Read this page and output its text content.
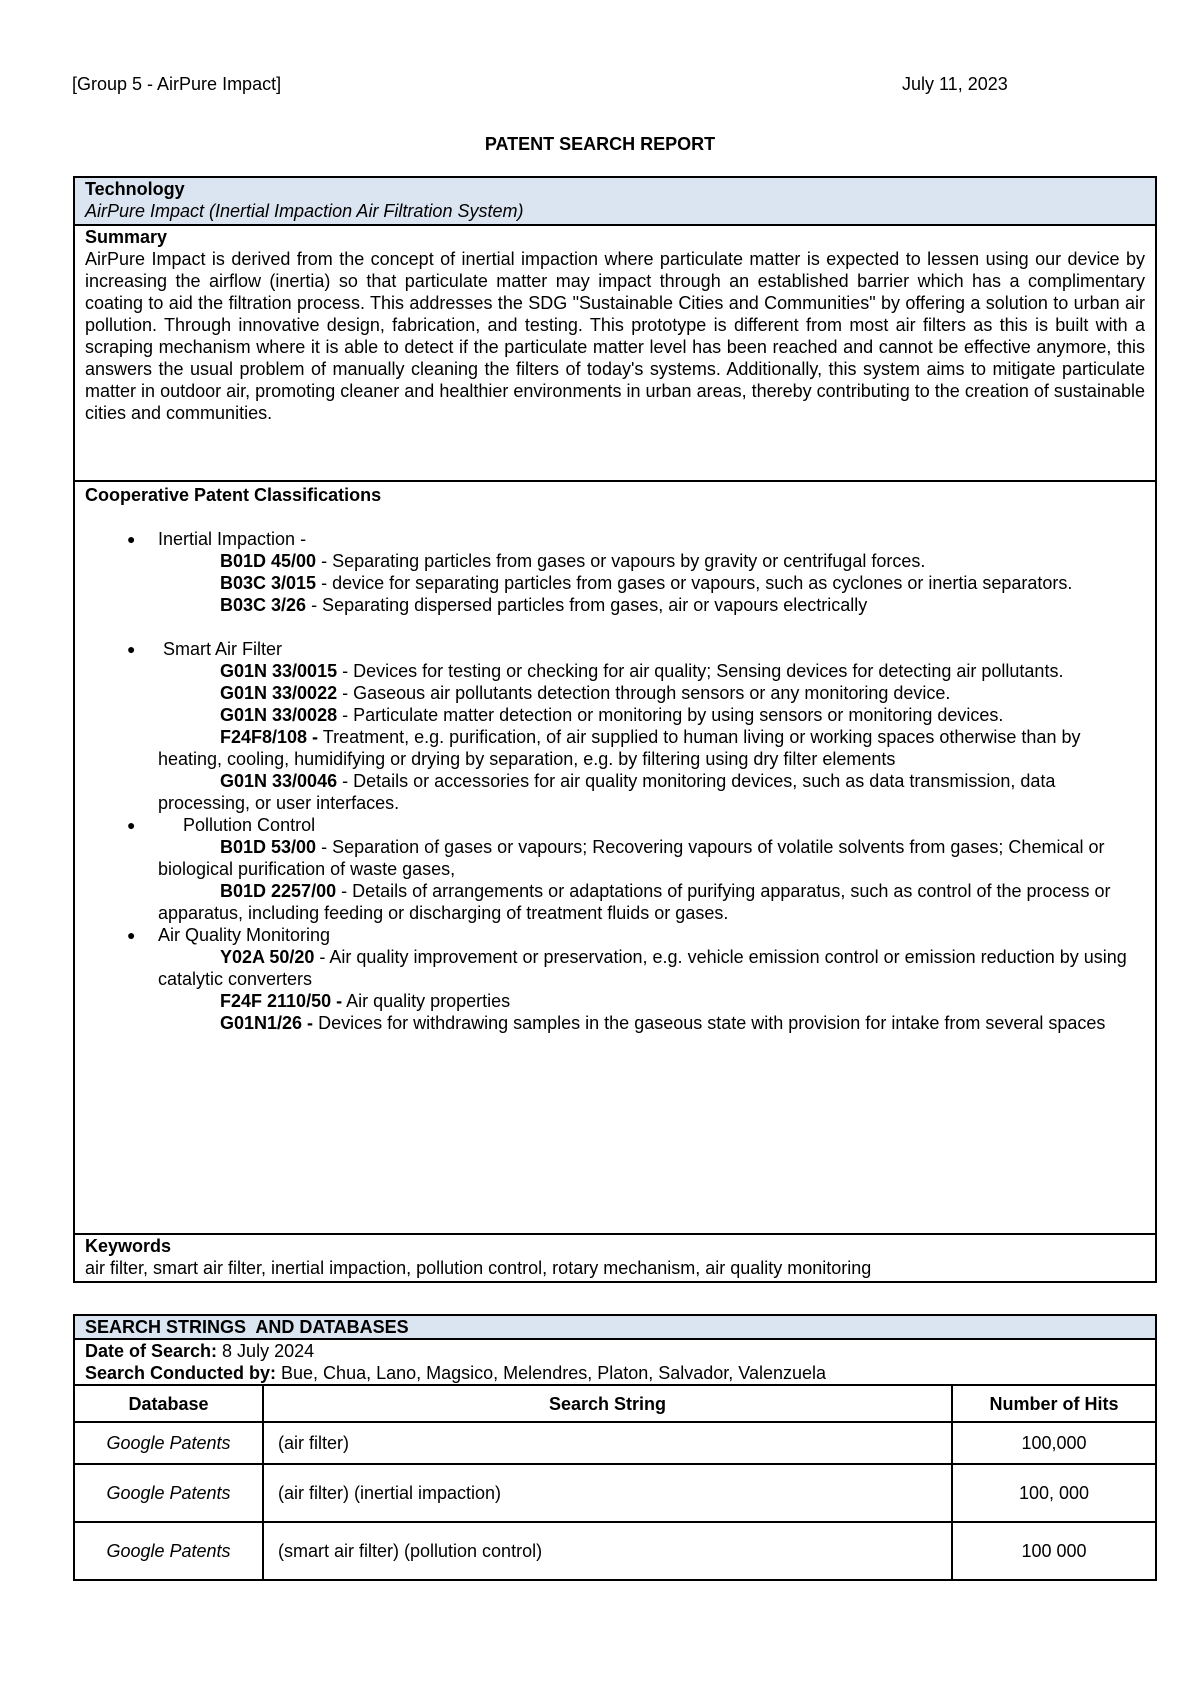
[Group 5 - AirPure Impact]	July 11, 2023
PATENT SEARCH REPORT
Technology
AirPure Impact (Inertial Impaction Air Filtration System)

Summary
AirPure Impact is derived from the concept of inertial impaction where particulate matter is expected to lessen using our device by increasing the airflow (inertia) so that particulate matter may impact through an established barrier which has a complimentary coating to aid the filtration process. This addresses the SDG "Sustainable Cities and Communities" by offering a solution to urban air pollution. Through innovative design, fabrication, and testing. This prototype is different from most air filters as this is built with a scraping mechanism where it is able to detect if the particulate matter level has been reached and cannot be effective anymore, this answers the usual problem of manually cleaning the filters of today's systems. Additionally, this system aims to mitigate particulate matter in outdoor air, promoting cleaner and healthier environments in urban areas, thereby contributing to the creation of sustainable cities and communities.

Cooperative Patent Classifications
● Inertial Impaction -
B01D 45/00 - Separating particles from gases or vapours by gravity or centrifugal forces.
B03C 3/015 - device for separating particles from gases or vapours, such as cyclones or inertia separators.
B03C 3/26 - Separating dispersed particles from gases, air or vapours electrically
● Smart Air Filter
G01N 33/0015 - Devices for testing or checking for air quality; Sensing devices for detecting air pollutants.
G01N 33/0022 - Gaseous air pollutants detection through sensors or any monitoring device.
G01N 33/0028 - Particulate matter detection or monitoring by using sensors or monitoring devices.
F24F8/108 - Treatment, e.g. purification, of air supplied to human living or working spaces otherwise than by heating, cooling, humidifying or drying by separation, e.g. by filtering using dry filter elements
G01N 33/0046 - Details or accessories for air quality monitoring devices, such as data transmission, data processing, or user interfaces.
● Pollution Control
B01D 53/00 - Separation of gases or vapours; Recovering vapours of volatile solvents from gases; Chemical or biological purification of waste gases,
B01D 2257/00 - Details of arrangements or adaptations of purifying apparatus, such as control of the process or apparatus, including feeding or discharging of treatment fluids or gases.
● Air Quality Monitoring
Y02A 50/20 - Air quality improvement or preservation, e.g. vehicle emission control or emission reduction by using catalytic converters
F24F 2110/50 - Air quality properties
G01N1/26 - Devices for withdrawing samples in the gaseous state with provision for intake from several spaces

Keywords
air filter, smart air filter, inertial impaction, pollution control, rotary mechanism, air quality monitoring
SEARCH STRINGS  AND DATABASES		

Date of Search: 8 July 2024
Search Conducted by: Bue, Chua, Lano, Magsico, Melendres, Platon, Salvador, Valenzuela		

Database	Search String	Number of Hits
Google Patents	(air filter)	100,000
Google Patents	(air filter) (inertial impaction)	100, 000
Google Patents	(smart air filter) (pollution control)	100 000
